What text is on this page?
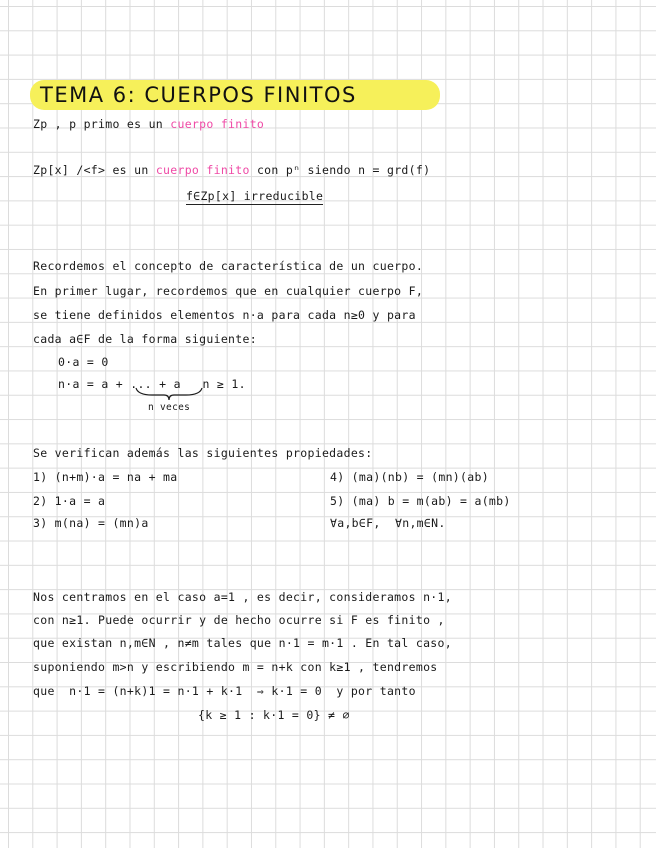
TEMA 6: CUERPOS FINITOS
Zp , p primo es un cuerpo finito
Zp[x] /<f> es un cuerpo finito con pⁿ siendo n = grd(f)
f∈Zp[x] irreducible
Recordemos el concepto de característica de un cuerpo.
En primer lugar, recordemos que en cualquier cuerpo F,
se tiene definidos elementos n·a para cada n≥0 y para
cada a∈F de la forma siguiente:
0·a = 0
n·a = a + ... + a   n ≥ 1.
n veces
Se verifican además las siguientes propiedades:
1) (n+m)·a = na + ma
2) 1·a = a
3) m(na) = (mn)a
4) (ma)(nb) = (mn)(ab)
5) (ma) b = m(ab) = a(mb)
∀a,b∈F,  ∀n,m∈N.
Nos centramos en el caso a=1 , es decir, consideramos n·1,
con n≥1. Puede ocurrir y de hecho ocurre si F es finito ,
que existan n,m∈N , n≠m tales que n·1 = m·1 . En tal caso,
suponiendo m>n y escribiendo m = n+k con k≥1 , tendremos
que  n·1 = (n+k)1 = n·1 + k·1  ⇒ k·1 = 0  y por tanto
{k ≥ 1 : k·1 = 0} ≠ ∅
